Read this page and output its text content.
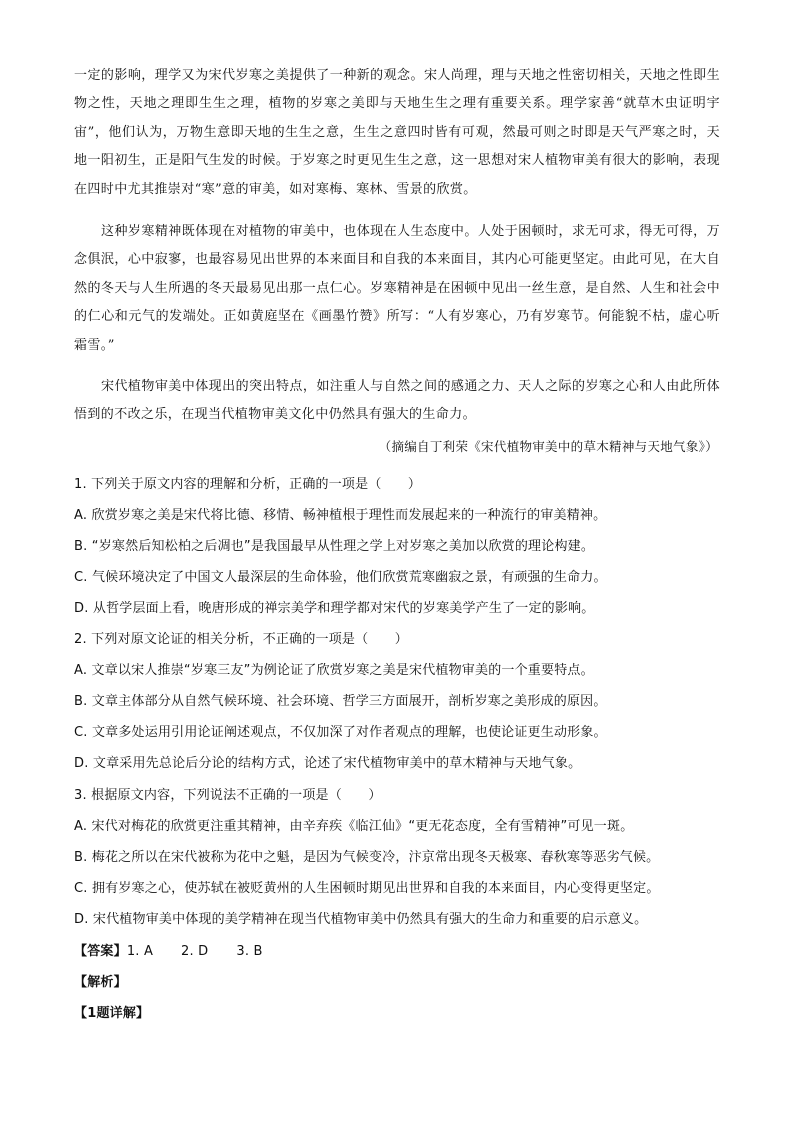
一定的影响，理学又为宋代岁寒之美提供了一种新的观念。宋人尚理，理与天地之性密切相关，天地之性即生物之性，天地之理即生生之理，植物的岁寒之美即与天地生生之理有重要关系。理学家善“就草木虫证明宇宙”，他们认为，万物生意即天地的生生之意，生生之意四时皆有可观，然最可则之时即是天气严寒之时，天地一阳初生，正是阳气生发的时候。于岁寒之时更见生生之意，这一思想对宋人植物审美有很大的影响，表现在四时中尤其推崇对“寒”意的审美，如对寒梅、寒林、雪景的欣赏。

这种岁寒精神既体现在对植物的审美中，也体现在人生态度中。人处于困顿时，求无可求，得无可得，万念俱泯，心中寂寥，也最容易见出世界的本来面目和自我的本来面目，其内心可能更坚定。由此可见，在大自然的冬天与人生所遇的冬天最易见出那一点仁心。岁寒精神是在困顿中见出一丝生意，是自然、人生和社会中的仁心和元气的发端处。正如黄庭坚在《画墨竹赞》所写：“人有岁寒心，乃有岁寒节。何能貌不枯，虚心听霜雪。”

宋代植物审美中体现出的突出特点，如注重人与自然之间的感通之力、天人之际的岁寒之心和人由此所体悟到的不改之乐，在现当代植物审美文化中仍然具有强大的生命力。

（摘编自丁利荣《宋代植物审美中的草木精神与天地气象》）
1. 下列关于原文内容的理解和分析，正确的一项是（　　）
A. 欣赏岁寒之美是宋代将比德、移情、畅神植根于理性而发展起来的一种流行的审美精神。
B. “岁寒然后知松柏之后凋也”是我国最早从性理之学上对岁寒之美加以欣赏的理论构建。
C. 气候环境决定了中国文人最深层的生命体验，他们欣赏荒寒幽寂之景，有顽强的生命力。
D. 从哲学层面上看，晚唐形成的禅宗美学和理学都对宋代的岁寒美学产生了一定的影响。
2. 下列对原文论证的相关分析，不正确的一项是（　　）
A. 文章以宋人推崇“岁寒三友”为例论证了欣赏岁寒之美是宋代植物审美的一个重要特点。
B. 文章主体部分从自然气候环境、社会环境、哲学三方面展开，剖析岁寒之美形成的原因。
C. 文章多处运用引用论证阐述观点，不仅加深了对作者观点的理解，也使论证更生动形象。
D. 文章采用先总论后分论的结构方式，论述了宋代植物审美中的草木精神与天地气象。
3. 根据原文内容，下列说法不正确的一项是（　　）
A. 宋代对梅花的欣赏更注重其精神，由辛弃疾《临江仙》“更无花态度，全有雪精神”可见一斑。
B. 梅花之所以在宋代被称为花中之魁，是因为气候变冷，汴京常出现冬天极寒、春秋寒等恶劣气候。
C. 拥有岁寒之心，使苏轼在被贬黄州的人生困顿时期见出世界和自我的本来面目，内心变得更坚定。
D. 宋代植物审美中体现的美学精神在现当代植物审美中仍然具有强大的生命力和重要的启示意义。
【答案】1. A 2. D 3. B
【解析】
【1题详解】
